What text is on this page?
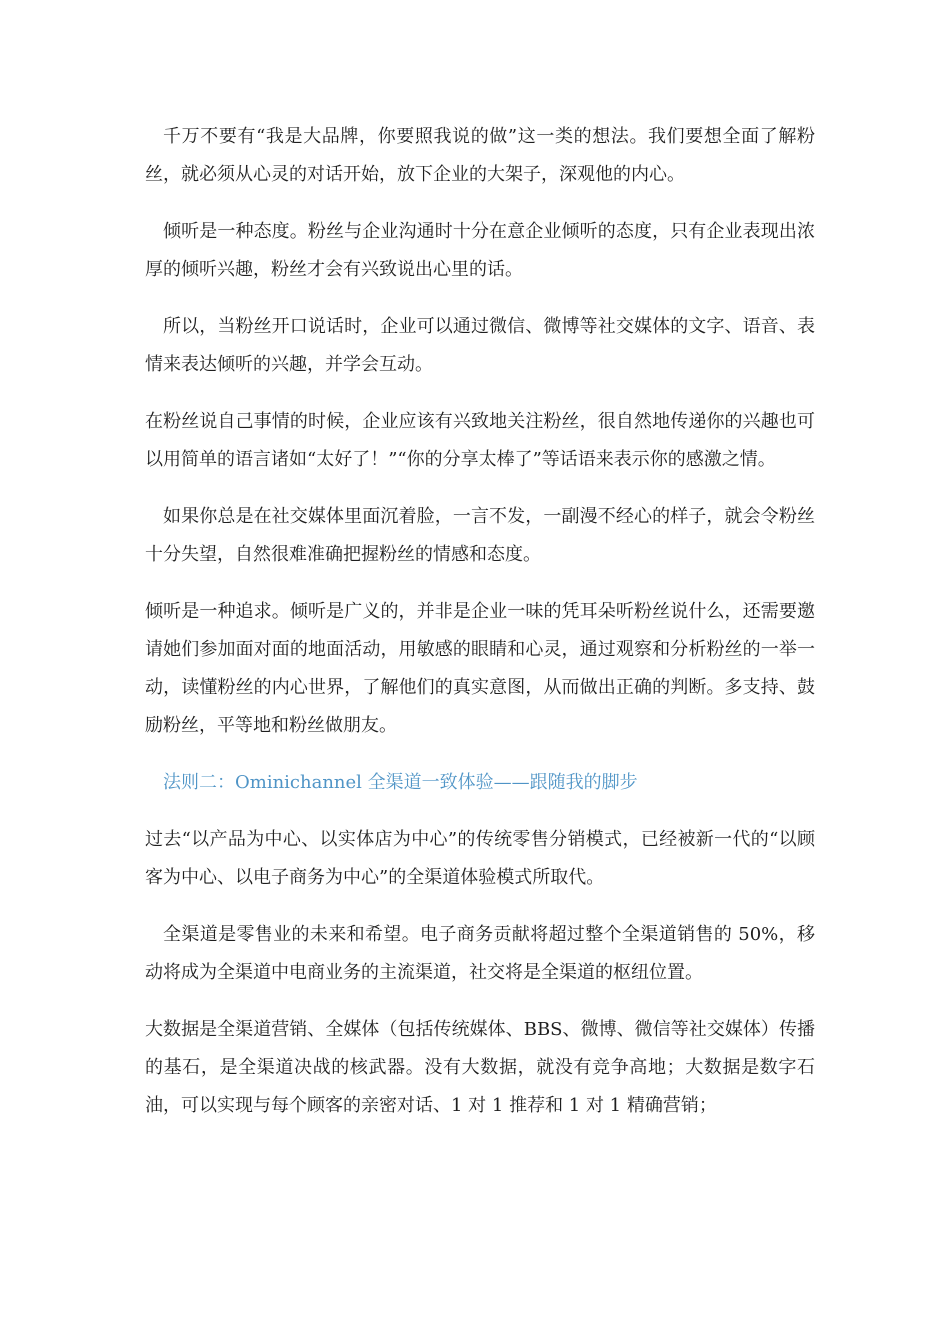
千万不要有“我是大品牌，你要照我说的做”这一类的想法。我们要想全面了解粉丝，就必须从心灵的对话开始，放下企业的大架子，深观他的内心。

倾听是一种态度。粉丝与企业沟通时十分在意企业倾听的态度，只有企业表现出浓厚的倾听兴趣，粉丝才会有兴致说出心里的话。

所以，当粉丝开口说话时，企业可以通过微信、微博等社交媒体的文字、语音、表情来表达倾听的兴趣，并学会互动。

在粉丝说自己事情的时候，企业应该有兴致地关注粉丝，很自然地传递你的兴趣也可以用简单的语言诸如“太好了！”“你的分享太棒了”等话语来表示你的感激之情。

如果你总是在社交媒体里面沉着脸，一言不发，一副漫不经心的样子，就会令粉丝十分失望，自然很难准确把握粉丝的情感和态度。

倾听是一种追求。倾听是广义的，并非是企业一味的凭耳朵听粉丝说什么，还需要邀请她们参加面对面的地面活动，用敏感的眼睛和心灵，通过观察和分析粉丝的一举一动，读懂粉丝的内心世界，了解他们的真实意图，从而做出正确的判断。多支持、鼓励粉丝，平等地和粉丝做朋友。

法则二：Ominichannel 全渠道一致体验——跟随我的脚步

过去“以产品为中心、以实体店为中心”的传统零售分销模式，已经被新一代的“以顾客为中心、以电子商务为中心”的全渠道体验模式所取代。

全渠道是零售业的未来和希望。电子商务贡献将超过整个全渠道销售的 50%，移动将成为全渠道中电商业务的主流渠道，社交将是全渠道的枢纽位置。

大数据是全渠道营销、全媒体（包括传统媒体、BBS、微博、微信等社交媒体）传播的基石，是全渠道决战的核武器。没有大数据，就没有竞争高地；大数据是数字石油，可以实现与每个顾客的亲密对话、1 对 1 推荐和 1 对 1 精确营销；
